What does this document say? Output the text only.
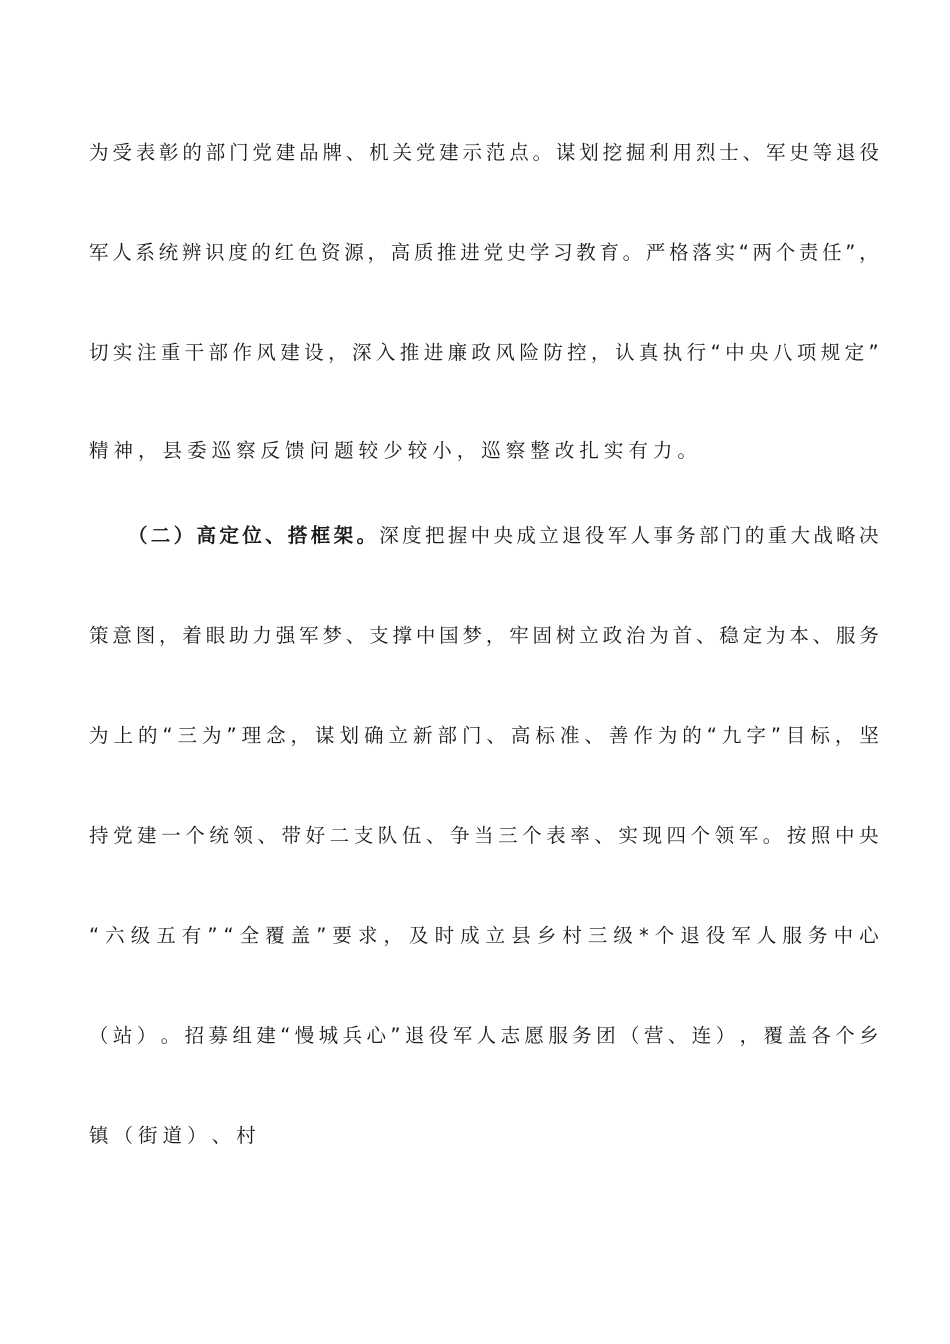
为 受 表 彰 的 部 门 党 建 品 牌 、 机 关 党 建 示 范 点 。 谋 划 挖 掘 利 用 烈 士 、 军 史 等 退 役
军 人 系 统 辨 识 度 的 红 色 资 源 ， 高 质 推 进 党 史 学 习 教 育 。 严 格 落 实 “ 两 个 责 任 ” ，
切 实 注 重 干 部 作 风 建 设 ， 深 入 推 进 廉 政 风 险 防 控 ， 认 真 执 行 “ 中 央 八 项 规 定 ”
精 神 ， 县 委 巡 察 反 馈 问 题 较 少 较 小 ， 巡 察 整 改 扎 实 有 力 。
（ 二 ） 高 定 位 、 搭 框 架 。 深 度 把 握 中 央 成 立 退 役 军 人 事 务 部 门 的 重 大 战 略 决
策 意 图 ， 着 眼 助 力 强 军 梦 、 支 撑 中 国 梦 ， 牢 固 树 立 政 治 为 首 、 稳 定 为 本 、 服 务
为 上 的 “ 三 为 ” 理 念 ， 谋 划 确 立 新 部 门 、 高 标 准 、 善 作 为 的 “ 九 字 ” 目 标 ， 坚
持 党 建 一 个 统 领 、 带 好 二 支 队 伍 、 争 当 三 个 表 率 、 实 现 四 个 领 军 。 按 照 中 央
“ 六 级 五 有 ” “ 全 覆 盖 ” 要 求 ， 及 时 成 立 县 乡 村 三 级 * 个 退 役 军 人 服 务 中 心
（ 站 ） 。 招 募 组 建 “ 慢 城 兵 心 ” 退 役 军 人 志 愿 服 务 团 （ 营 、 连 ） ， 覆 盖 各 个 乡
镇 （ 街 道 ） 、 村
